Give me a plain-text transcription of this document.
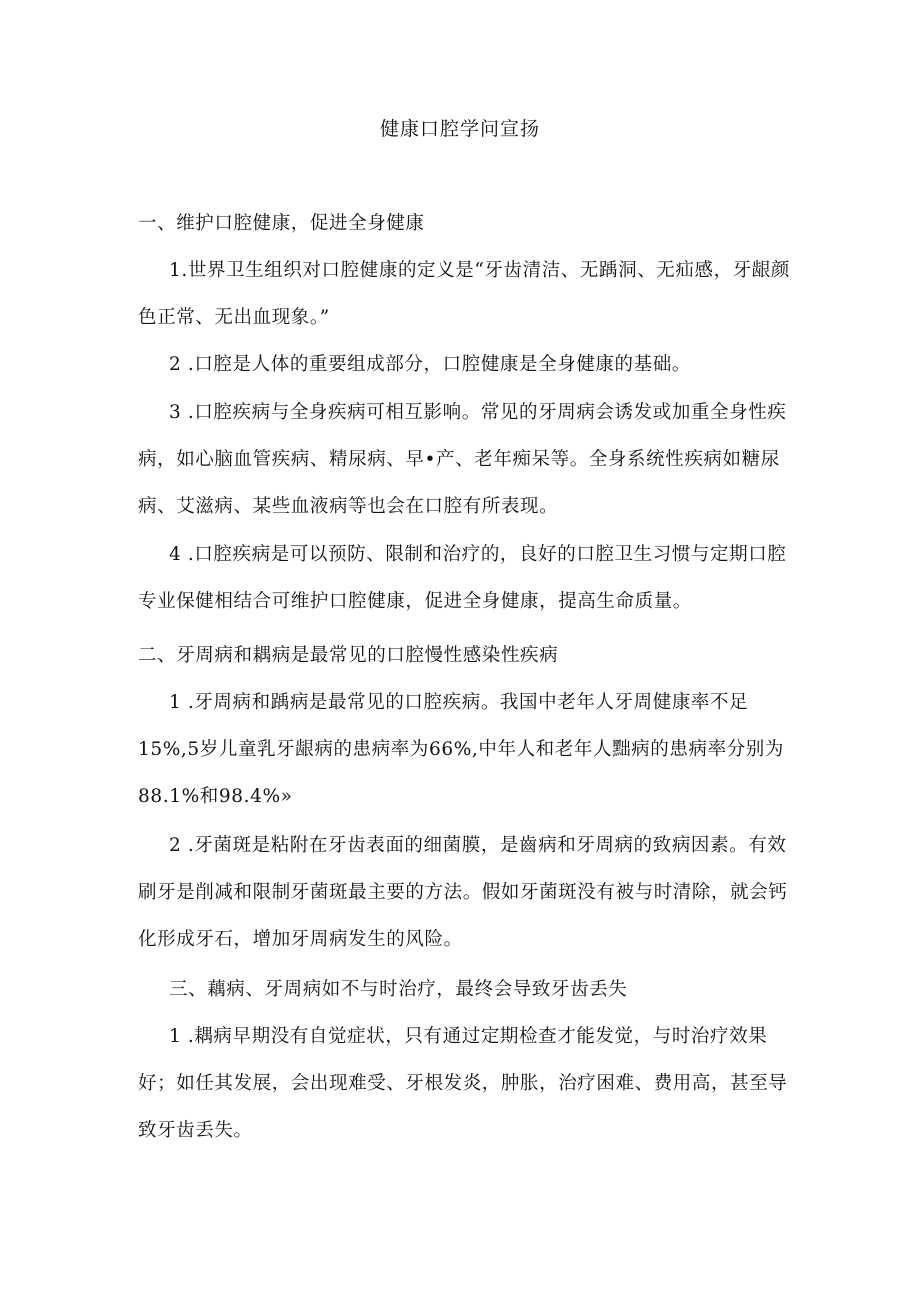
健康口腔学问宣扬

一、维护口腔健康，促进全身健康

1.世界卫生组织对口腔健康的定义是“牙齿清洁、无踽洞、无疝感，牙龈颜色正常、无出血现象。”

2 .口腔是人体的重要组成部分，口腔健康是全身健康的基础。

3 .口腔疾病与全身疾病可相互影响。常见的牙周病会诱发或加重全身性疾病，如心脑血管疾病、精尿病、早•产、老年痴呆等。全身系统性疾病如糖尿病、艾滋病、某些血液病等也会在口腔有所表现。

4 .口腔疾病是可以预防、限制和治疗的，良好的口腔卫生习惯与定期口腔专业保健相结合可维护口腔健康，促进全身健康，提高生命质量。

二、牙周病和耦病是最常见的口腔慢性感染性疾病

1 .牙周病和踽病是最常见的口腔疾病。我国中老年人牙周健康率不足15%,5岁儿童乳牙龈病的患病率为66%,中年人和老年人黜病的患病率分别为88.1%和98.4%»

2 .牙菌斑是粘附在牙齿表面的细菌膜，是齒病和牙周病的致病因素。有效刷牙是削减和限制牙菌斑最主要的方法。假如牙菌斑没有被与时清除，就会钙化形成牙石，增加牙周病发生的风险。

三、藕病、牙周病如不与时治疗，最终会导致牙齿丢失

1 .耦病早期没有自觉症状，只有通过定期检查才能发觉，与时治疗效果好；如任其发展，会出现难受、牙根发炎，肿胀，治疗困难、费用高，甚至导致牙齿丢失。
